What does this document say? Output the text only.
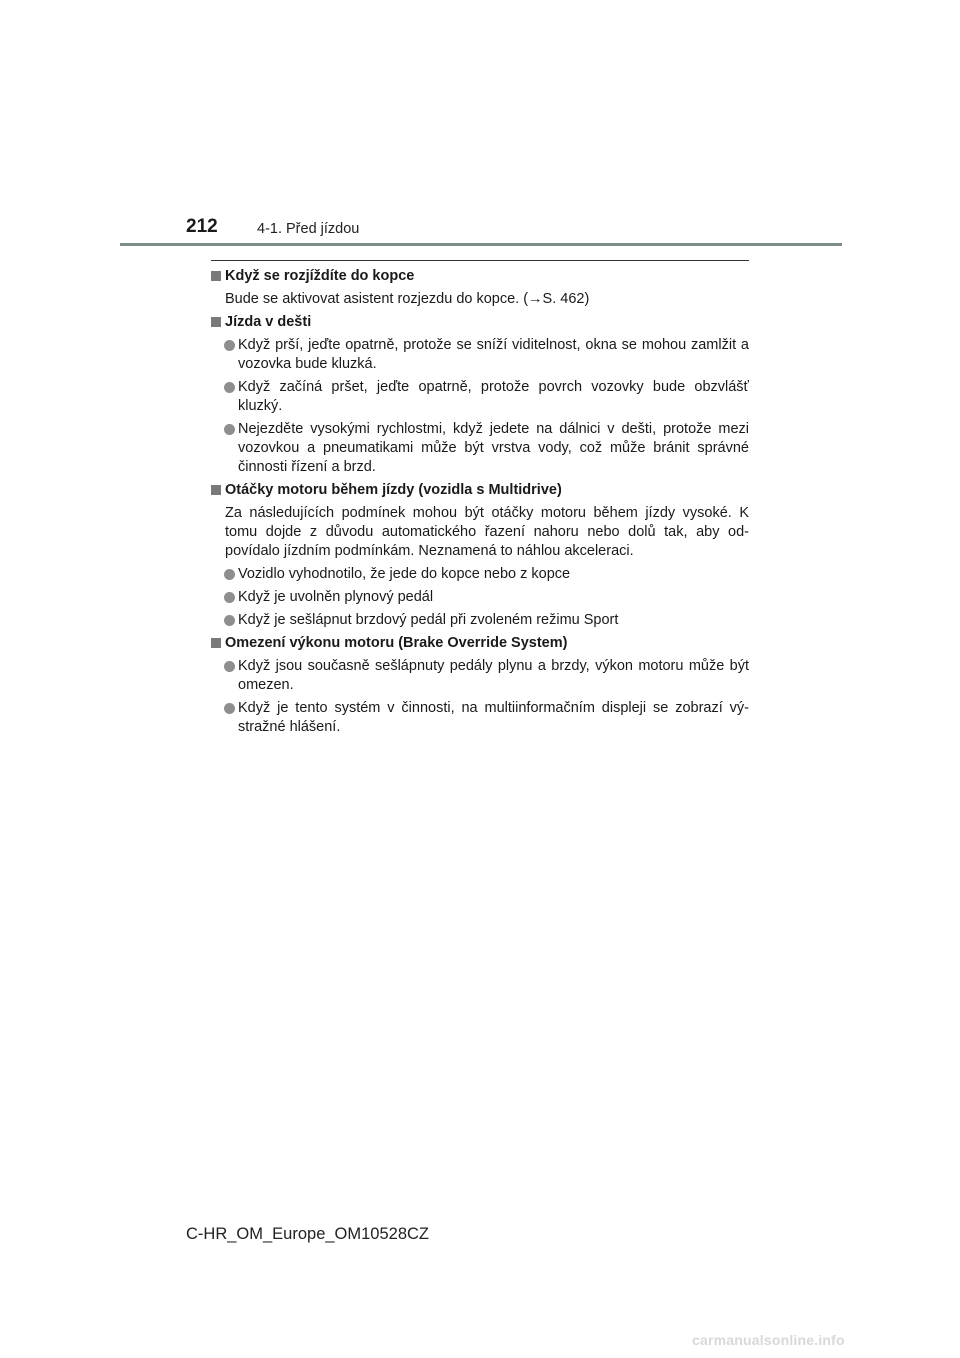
212	4-1. Před jízdou
Když se rozjíždíte do kopce
Bude se aktivovat asistent rozjezdu do kopce. (→S. 462)
Jízda v dešti
Když prší, jeďte opatrně, protože se sníží viditelnost, okna se mohou zamlžit a vozovka bude kluzká.
Když začíná pršet, jeďte opatrně, protože povrch vozovky bude obzvlášť kluzký.
Nejezděte vysokými rychlostmi, když jedete na dálnici v dešti, protože mezi vozovkou a pneumatikami může být vrstva vody, což může bránit správné činnosti řízení a brzd.
Otáčky motoru během jízdy (vozidla s Multidrive)
Za následujících podmínek mohou být otáčky motoru během jízdy vysoké. K tomu dojde z důvodu automatického řazení nahoru nebo dolů tak, aby od- povídalo jízdním podmínkám. Neznamená to náhlou akceleraci.
Vozidlo vyhodnotilo, že jede do kopce nebo z kopce
Když je uvolněn plynový pedál
Když je sešlápnut brzdový pedál při zvoleném režimu Sport
Omezení výkonu motoru (Brake Override System)
Když jsou současně sešlápnuty pedály plynu a brzdy, výkon motoru může být omezen.
Když je tento systém v činnosti, na multiinformačním displeji se zobrazí vý- stražné hlášení.
C-HR_OM_Europe_OM10528CZ
carmanualsonline.info
